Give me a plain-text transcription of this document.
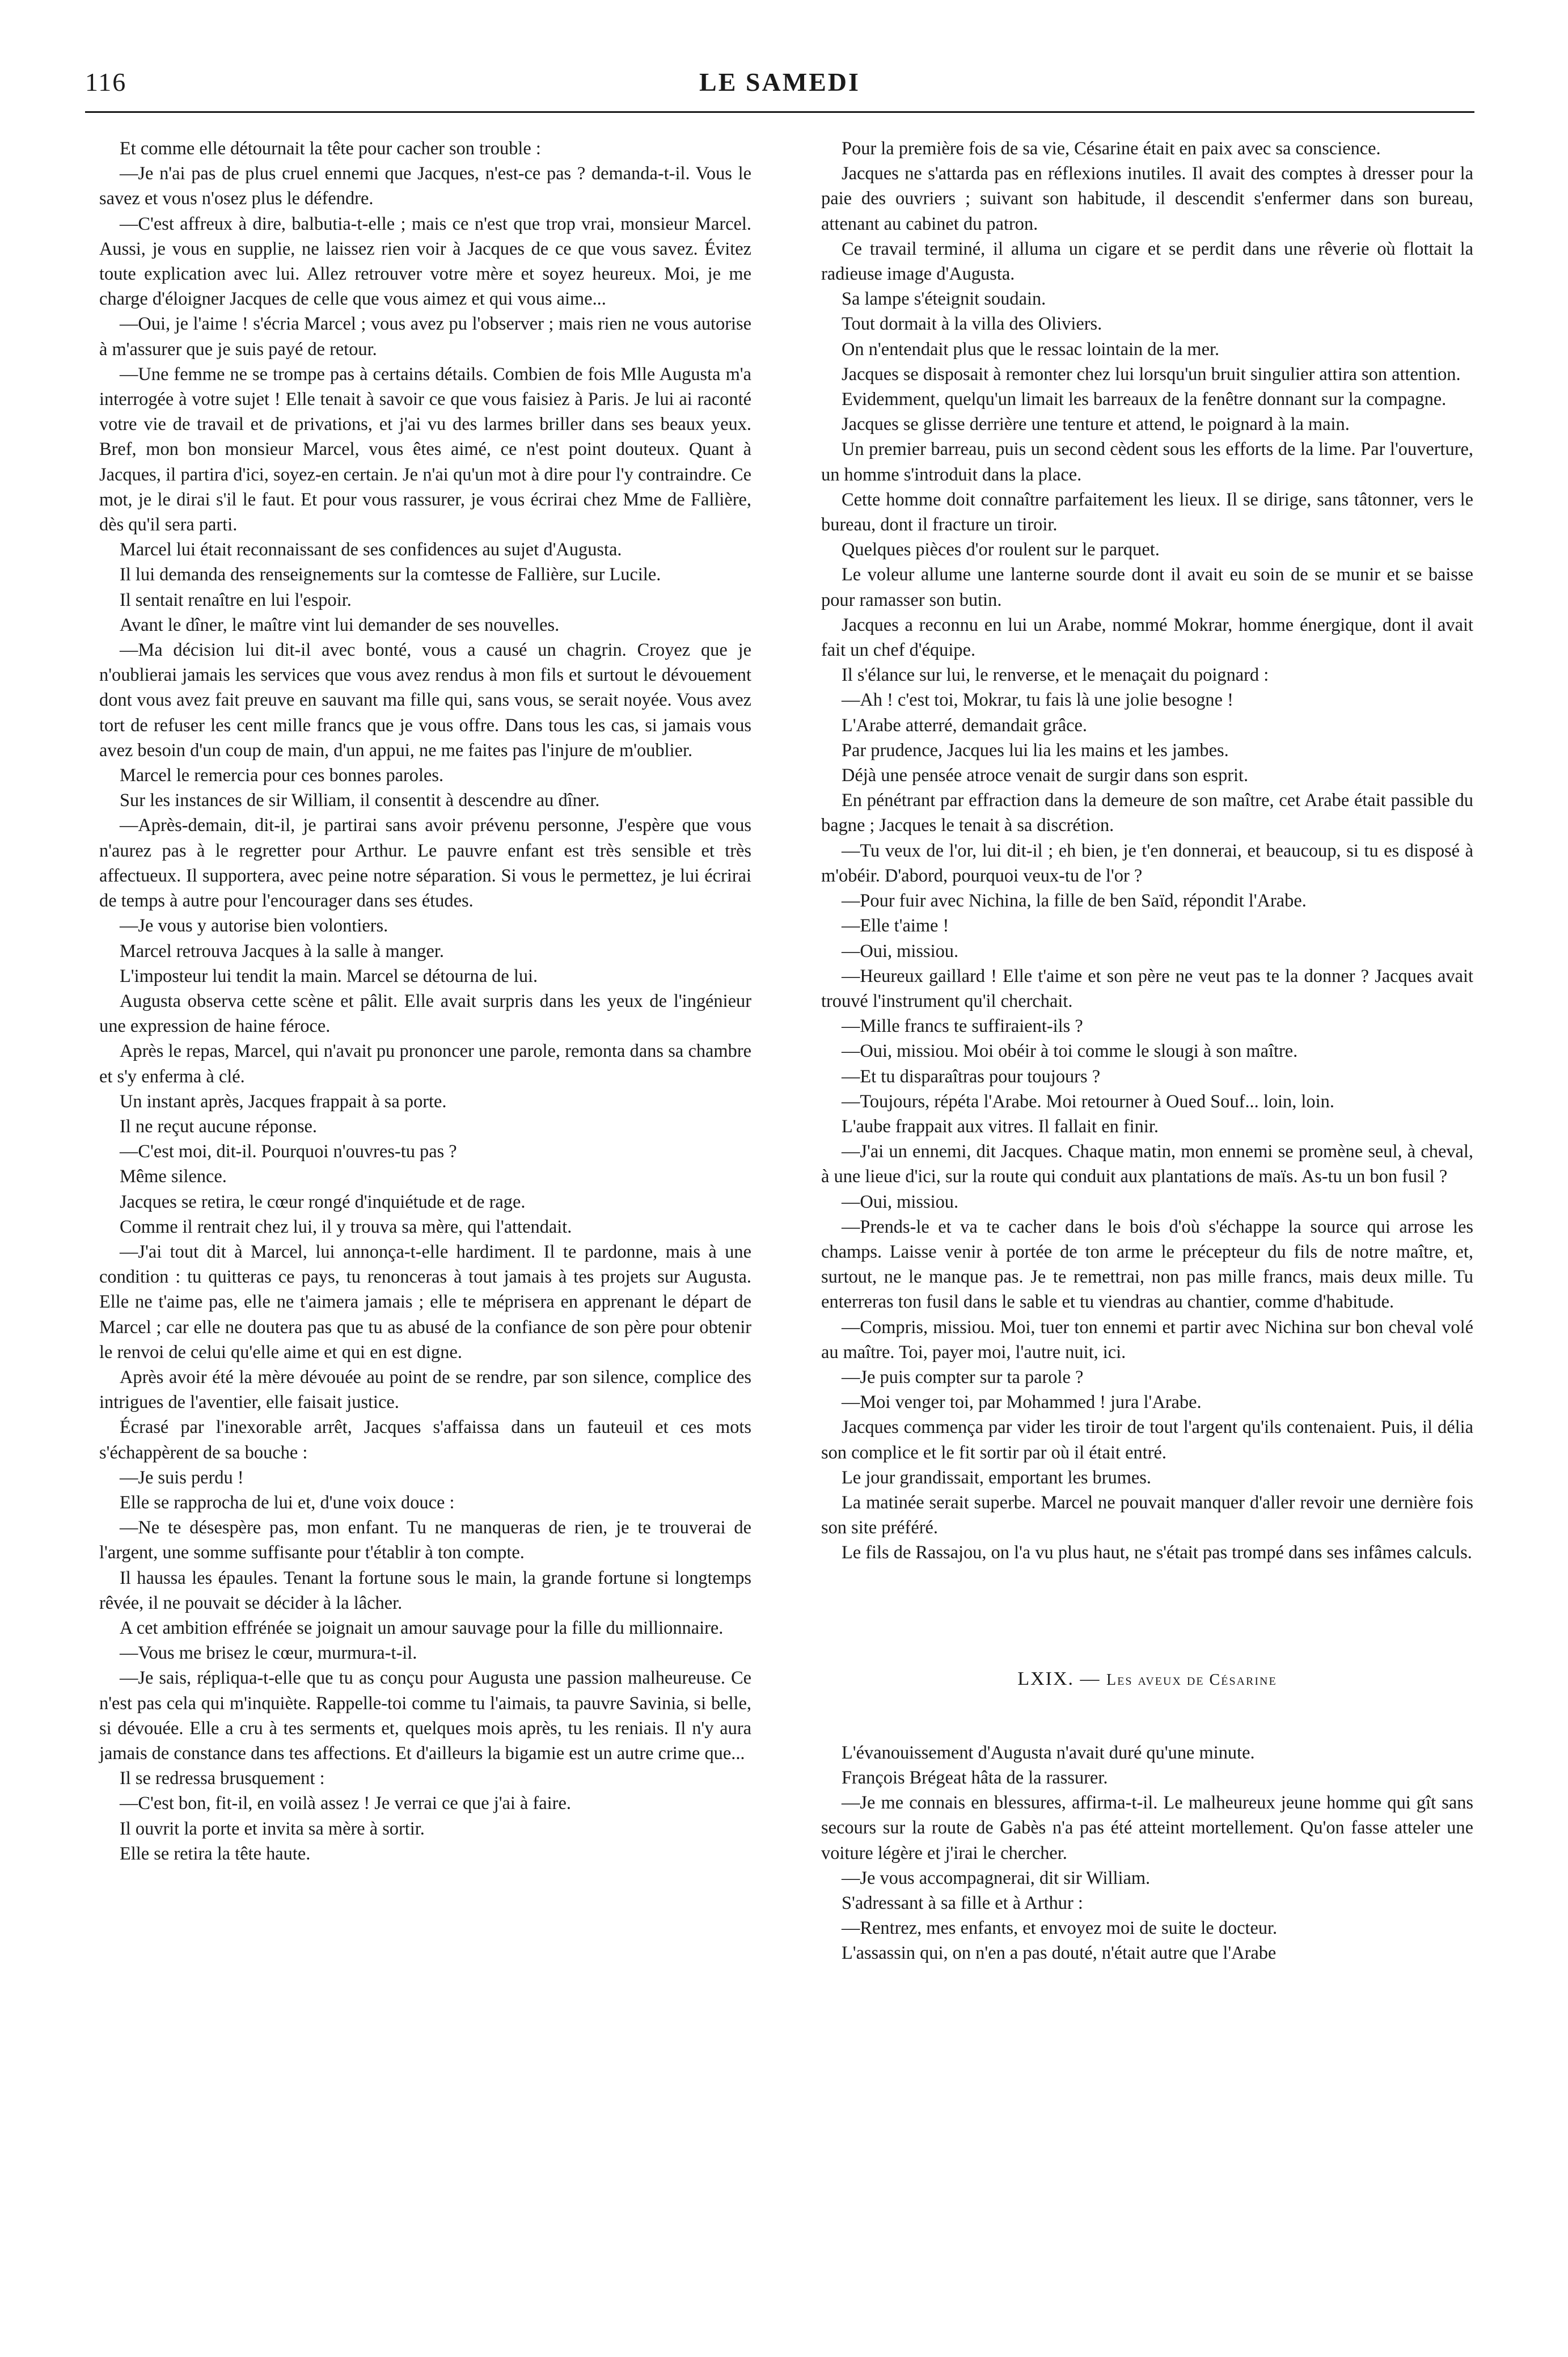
116	LE SAMEDI

Et comme elle détournait la tête pour cacher son trouble :

—Je n'ai pas de plus cruel ennemi que Jacques, n'est-ce pas ? demanda-t-il. Vous le savez et vous n'osez plus le défendre.

—C'est affreux à dire, balbutia-t-elle ; mais ce n'est que trop vrai, monsieur Marcel. Aussi, je vous en supplie, ne laissez rien voir à Jacques de ce que vous savez. Évitez toute explication avec lui. Allez retrouver votre mère et soyez heureux. Moi, je me charge d'éloigner Jacques de celle que vous aimez et qui vous aime...

—Oui, je l'aime ! s'écria Marcel ; vous avez pu l'observer ; mais rien ne vous autorise à m'assurer que je suis payé de retour.

—Une femme ne se trompe pas à certains détails. Combien de fois Mlle Augusta m'a interrogée à votre sujet ! Elle tenait à savoir ce que vous faisiez à Paris. Je lui ai raconté votre vie de travail et de privations, et j'ai vu des larmes briller dans ses beaux yeux. Bref, mon bon monsieur Marcel, vous êtes aimé, ce n'est point douteux. Quant à Jacques, il partira d'ici, soyez-en certain. Je n'ai qu'un mot à dire pour l'y contraindre. Ce mot, je le dirai s'il le faut. Et pour vous rassurer, je vous écrirai chez Mme de Fallière, dès qu'il sera parti.

Marcel lui était reconnaissant de ses confidences au sujet d'Augusta.

Il lui demanda des renseignements sur la comtesse de Fallière, sur Lucile.

Il sentait renaître en lui l'espoir.

Avant le dîner, le maître vint lui demander de ses nouvelles.

—Ma décision lui dit-il avec bonté, vous a causé un chagrin. Croyez que je n'oublierai jamais les services que vous avez rendus à mon fils et surtout le dévouement dont vous avez fait preuve en sauvant ma fille qui, sans vous, se serait noyée. Vous avez tort de refuser les cent mille francs que je vous offre. Dans tous les cas, si jamais vous avez besoin d'un coup de main, d'un appui, ne me faites pas l'injure de m'oublier.

Marcel le remercia pour ces bonnes paroles.

Sur les instances de sir William, il consentit à descendre au dîner.

—Après-demain, dit-il, je partirai sans avoir prévenu personne, J'espère que vous n'aurez pas à le regretter pour Arthur. Le pauvre enfant est très sensible et très affectueux. Il supportera, avec peine notre séparation. Si vous le permettez, je lui écrirai de temps à autre pour l'encourager dans ses études.

—Je vous y autorise bien volontiers.

Marcel retrouva Jacques à la salle à manger.

L'imposteur lui tendit la main. Marcel se détourna de lui.

Augusta observa cette scène et pâlit. Elle avait surpris dans les yeux de l'ingénieur une expression de haine féroce.

Après le repas, Marcel, qui n'avait pu prononcer une parole, remonta dans sa chambre et s'y enferma à clé.

Un instant après, Jacques frappait à sa porte.

Il ne reçut aucune réponse.

—C'est moi, dit-il. Pourquoi n'ouvres-tu pas ?

Même silence.

Jacques se retira, le cœur rongé d'inquiétude et de rage.

Comme il rentrait chez lui, il y trouva sa mère, qui l'attendait.

—J'ai tout dit à Marcel, lui annonça-t-elle hardiment. Il te pardonne, mais à une condition : tu quitteras ce pays, tu renonceras à tout jamais à tes projets sur Augusta. Elle ne t'aime pas, elle ne t'aimera jamais ; elle te méprisera en apprenant le départ de Marcel ; car elle ne doutera pas que tu as abusé de la confiance de son père pour obtenir le renvoi de celui qu'elle aime et qui en est digne.

Après avoir été la mère dévouée au point de se rendre, par son silence, complice des intrigues de l'aventier, elle faisait justice.

Écrasé par l'inexorable arrêt, Jacques s'affaissa dans un fauteuil et ces mots s'échappèrent de sa bouche :

—Je suis perdu !

Elle se rapprocha de lui et, d'une voix douce :

—Ne te désespère pas, mon enfant. Tu ne manqueras de rien, je te trouverai de l'argent, une somme suffisante pour t'établir à ton compte.

Il haussa les épaules. Tenant la fortune sous le main, la grande fortune si longtemps rêvée, il ne pouvait se décider à la lâcher.

A cet ambition effrénée se joignait un amour sauvage pour la fille du millionnaire.

—Vous me brisez le cœur, murmura-t-il.

—Je sais, répliqua-t-elle que tu as conçu pour Augusta une passion malheureuse. Ce n'est pas cela qui m'inquiète. Rappelle-toi comme tu l'aimais, ta pauvre Savinia, si belle, si dévouée. Elle a cru à tes serments et, quelques mois après, tu les reniais. Il n'y aura jamais de constance dans tes affections. Et d'ailleurs la bigamie est un autre crime que...

Il se redressa brusquement :

—C'est bon, fit-il, en voilà assez ! Je verrai ce que j'ai à faire.

Il ouvrit la porte et invita sa mère à sortir.

Elle se retira la tête haute.

Pour la première fois de sa vie, Césarine était en paix avec sa conscience.

Jacques ne s'attarda pas en réflexions inutiles. Il avait des comptes à dresser pour la paie des ouvriers ; suivant son habitude, il descendit s'enfermer dans son bureau, attenant au cabinet du patron.

Ce travail terminé, il alluma un cigare et se perdit dans une rêverie où flottait la radieuse image d'Augusta.

Sa lampe s'éteignit soudain.

Tout dormait à la villa des Oliviers.

On n'entendait plus que le ressac lointain de la mer.

Jacques se disposait à remonter chez lui lorsqu'un bruit singulier attira son attention.

Evidemment, quelqu'un limait les barreaux de la fenêtre donnant sur la compagne.

Jacques se glisse derrière une tenture et attend, le poignard à la main.

Un premier barreau, puis un second cèdent sous les efforts de la lime. Par l'ouverture, un homme s'introduit dans la place.

Cette homme doit connaître parfaitement les lieux. Il se dirige, sans tâtonner, vers le bureau, dont il fracture un tiroir.

Quelques pièces d'or roulent sur le parquet.

Le voleur allume une lanterne sourde dont il avait eu soin de se munir et se baisse pour ramasser son butin.

Jacques a reconnu en lui un Arabe, nommé Mokrar, homme énergique, dont il avait fait un chef d'équipe.

Il s'élance sur lui, le renverse, et le menaçait du poignard :

—Ah ! c'est toi, Mokrar, tu fais là une jolie besogne !

L'Arabe atterré, demandait grâce.

Par prudence, Jacques lui lia les mains et les jambes.

Déjà une pensée atroce venait de surgir dans son esprit.

En pénétrant par effraction dans la demeure de son maître, cet Arabe était passible du bagne ; Jacques le tenait à sa discrétion.

—Tu veux de l'or, lui dit-il ; eh bien, je t'en donnerai, et beaucoup, si tu es disposé à m'obéir. D'abord, pourquoi veux-tu de l'or ?

—Pour fuir avec Nichina, la fille de ben Saïd, répondit l'Arabe.

—Elle t'aime !

—Oui, missiou.

—Heureux gaillard ! Elle t'aime et son père ne veut pas te la donner ? Jacques avait trouvé l'instrument qu'il cherchait.

—Mille francs te suffiraient-ils ?

—Oui, missiou. Moi obéir à toi comme le slougi à son maître.

—Et tu disparaîtras pour toujours ?

—Toujours, répéta l'Arabe. Moi retourner à Oued Souf... loin, loin.

L'aube frappait aux vitres. Il fallait en finir.

—J'ai un ennemi, dit Jacques. Chaque matin, mon ennemi se promène seul, à cheval, à une lieue d'ici, sur la route qui conduit aux plantations de maïs. As-tu un bon fusil ?

—Oui, missiou.

—Prends-le et va te cacher dans le bois d'où s'échappe la source qui arrose les champs. Laisse venir à portée de ton arme le précepteur du fils de notre maître, et, surtout, ne le manque pas. Je te remettrai, non pas mille francs, mais deux mille. Tu enterreras ton fusil dans le sable et tu viendras au chantier, comme d'habitude.

—Compris, missiou. Moi, tuer ton ennemi et partir avec Nichina sur bon cheval volé au maître. Toi, payer moi, l'autre nuit, ici.

—Je puis compter sur ta parole ?

—Moi venger toi, par Mohammed ! jura l'Arabe.

Jacques commença par vider les tiroir de tout l'argent qu'ils contenaient. Puis, il délia son complice et le fit sortir par où il était entré.

Le jour grandissait, emportant les brumes.

La matinée serait superbe. Marcel ne pouvait manquer d'aller revoir une dernière fois son site préféré.

Le fils de Rassajou, on l'a vu plus haut, ne s'était pas trompé dans ses infâmes calculs.

LXIX. — Les aveux de Césarine

L'évanouissement d'Augusta n'avait duré qu'une minute.

François Brégeat hâta de la rassurer.

—Je me connais en blessures, affirma-t-il. Le malheureux jeune homme qui gît sans secours sur la route de Gabès n'a pas été atteint mortellement. Qu'on fasse atteler une voiture légère et j'irai le chercher.

—Je vous accompagnerai, dit sir William.

S'adressant à sa fille et à Arthur :

—Rentrez, mes enfants, et envoyez moi de suite le docteur.

L'assassin qui, on n'en a pas douté, n'était autre que l'Arabe
